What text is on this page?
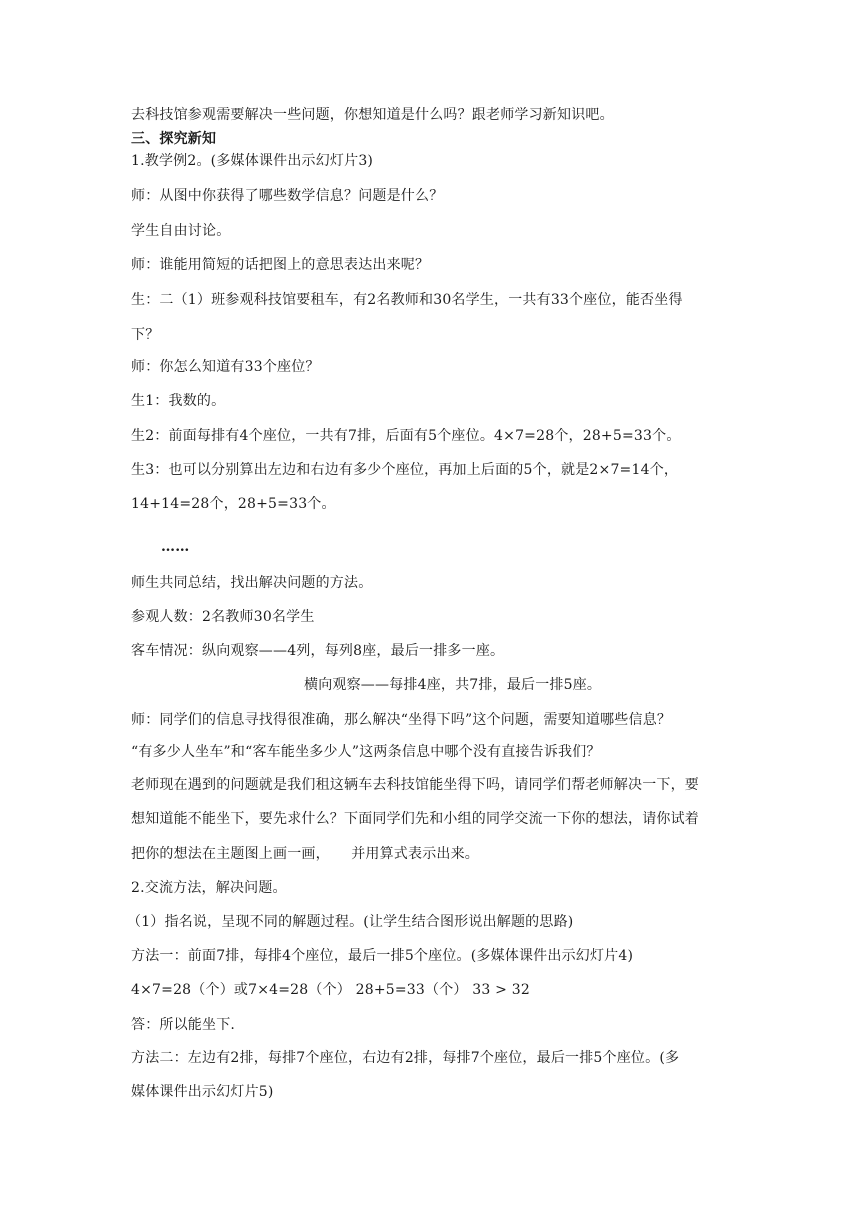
去科技馆参观需要解决一些问题，你想知道是什么吗？跟老师学习新知识吧。
三、探究新知
1.教学例2。(多媒体课件出示幻灯片3)
师：从图中你获得了哪些数学信息？问题是什么？
学生自由讨论。
师：谁能用简短的话把图上的意思表达出来呢？
生：二（1）班参观科技馆要租车，有2名教师和30名学生，一共有33个座位，能否坐得
下？
师：你怎么知道有33个座位？
生1：我数的。
生2：前面每排有4个座位，一共有7排，后面有5个座位。4×7=28个，28+5=33个。
生3：也可以分别算出左边和右边有多少个座位，再加上后面的5个，就是2×7=14个，
14+14=28个，28+5=33个。
……
师生共同总结，找出解决问题的方法。
参观人数：2名教师30名学生
客车情况：纵向观察——4列，每列8座，最后一排多一座。
横向观察——每排4座，共7排，最后一排5座。
师：同学们的信息寻找得很准确，那么解决“坐得下吗”这个问题，需要知道哪些信息？
“有多少人坐车”和“客车能坐多少人”这两条信息中哪个没有直接告诉我们？
老师现在遇到的问题就是我们租这辆车去科技馆能坐得下吗，请同学们帮老师解决一下，要
想知道能不能坐下，要先求什么？下面同学们先和小组的同学交流一下你的想法，请你试着
把你的想法在主题图上画一画，　　并用算式表示出来。
2.交流方法，解决问题。
（1）指名说，呈现不同的解题过程。(让学生结合图形说出解题的思路)
方法一：前面7排，每排4个座位，最后一排5个座位。(多媒体课件出示幻灯片4)
4×7=28（个）或7×4=28（个） 28+5=33（个） 33 > 32
答：所以能坐下.
方法二：左边有2排，每排7个座位，右边有2排，每排7个座位，最后一排5个座位。(多
媒体课件出示幻灯片5)
